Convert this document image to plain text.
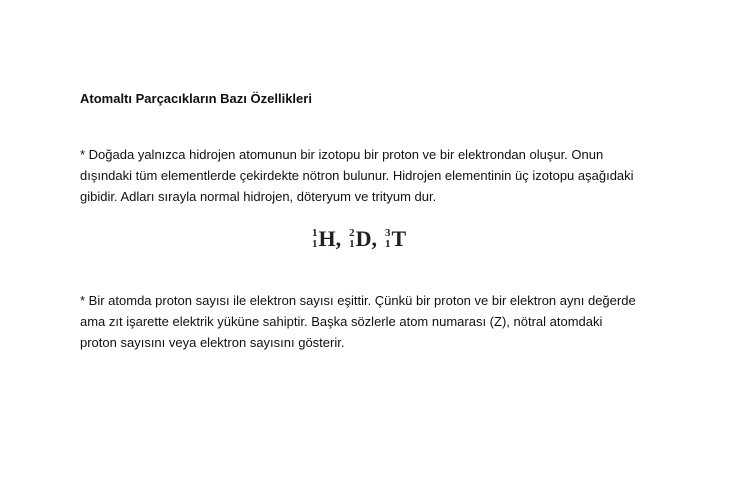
Atomaltı Parçacıkların Bazı Özellikleri
* Doğada yalnızca hidrojen atomunun bir izotopu bir proton ve bir elektrondan oluşur. Onun
dışındaki tüm elementlerde çekirdekte nötron bulunur. Hidrojen elementinin üç izotopu aşağıdaki
gibidir. Adları sırayla normal hidrojen, döteryum ve trityum dur.
1
1 H , 2
1 D , 3
1 T
* Bir atomda proton sayısı ile elektron sayısı eşittir. Çünkü bir proton ve bir elektron aynı değerde
ama zıt işarette elektrik yüküne sahiptir. Başka sözlerle atom numarası (Z), nötral atomdaki
proton sayısını veya elektron sayısını gösterir.
